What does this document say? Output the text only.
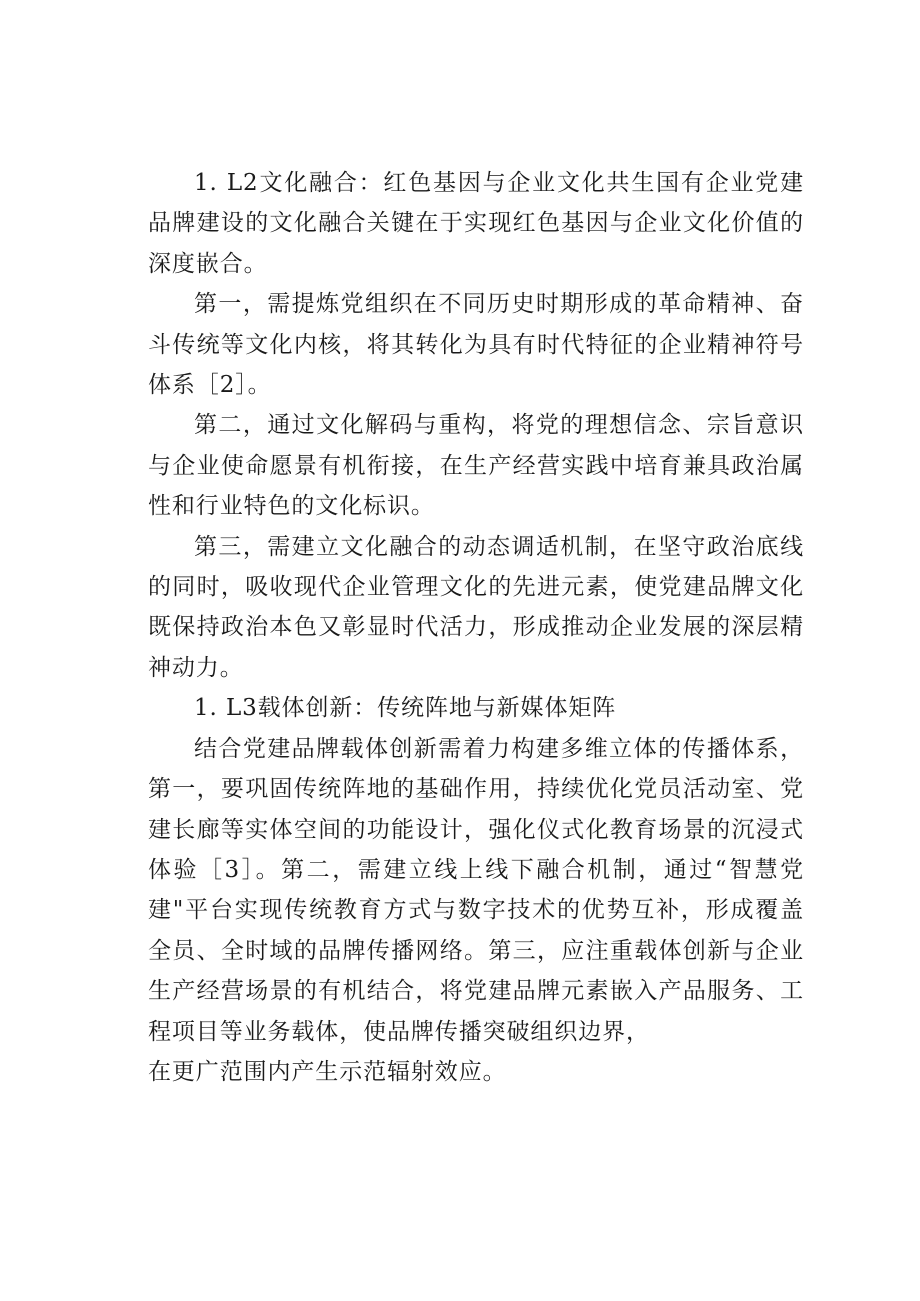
1. L2文化融合：红色基因与企业文化共生国有企业党建品牌建设的文化融合关键在于实现红色基因与企业文化价值的深度嵌合。

第一，需提炼党组织在不同历史时期形成的革命精神、奋斗传统等文化内核，将其转化为具有时代特征的企业精神符号体系［2］。

第二，通过文化解码与重构，将党的理想信念、宗旨意识与企业使命愿景有机衔接，在生产经营实践中培育兼具政治属性和行业特色的文化标识。

第三，需建立文化融合的动态调适机制，在坚守政治底线的同时，吸收现代企业管理文化的先进元素，使党建品牌文化既保持政治本色又彰显时代活力，形成推动企业发展的深层精神动力。

1. L3载体创新：传统阵地与新媒体矩阵

结合党建品牌载体创新需着力构建多维立体的传播体系，第一，要巩固传统阵地的基础作用，持续优化党员活动室、党建长廊等实体空间的功能设计，强化仪式化教育场景的沉浸式体验［3］。第二，需建立线上线下融合机制，通过“智慧党建"平台实现传统教育方式与数字技术的优势互补，形成覆盖全员、全时域的品牌传播网络。第三，应注重载体创新与企业生产经营场景的有机结合，将党建品牌元素嵌入产品服务、工程项目等业务载体，使品牌传播突破组织边界，

在更广范围内产生示范辐射效应。
